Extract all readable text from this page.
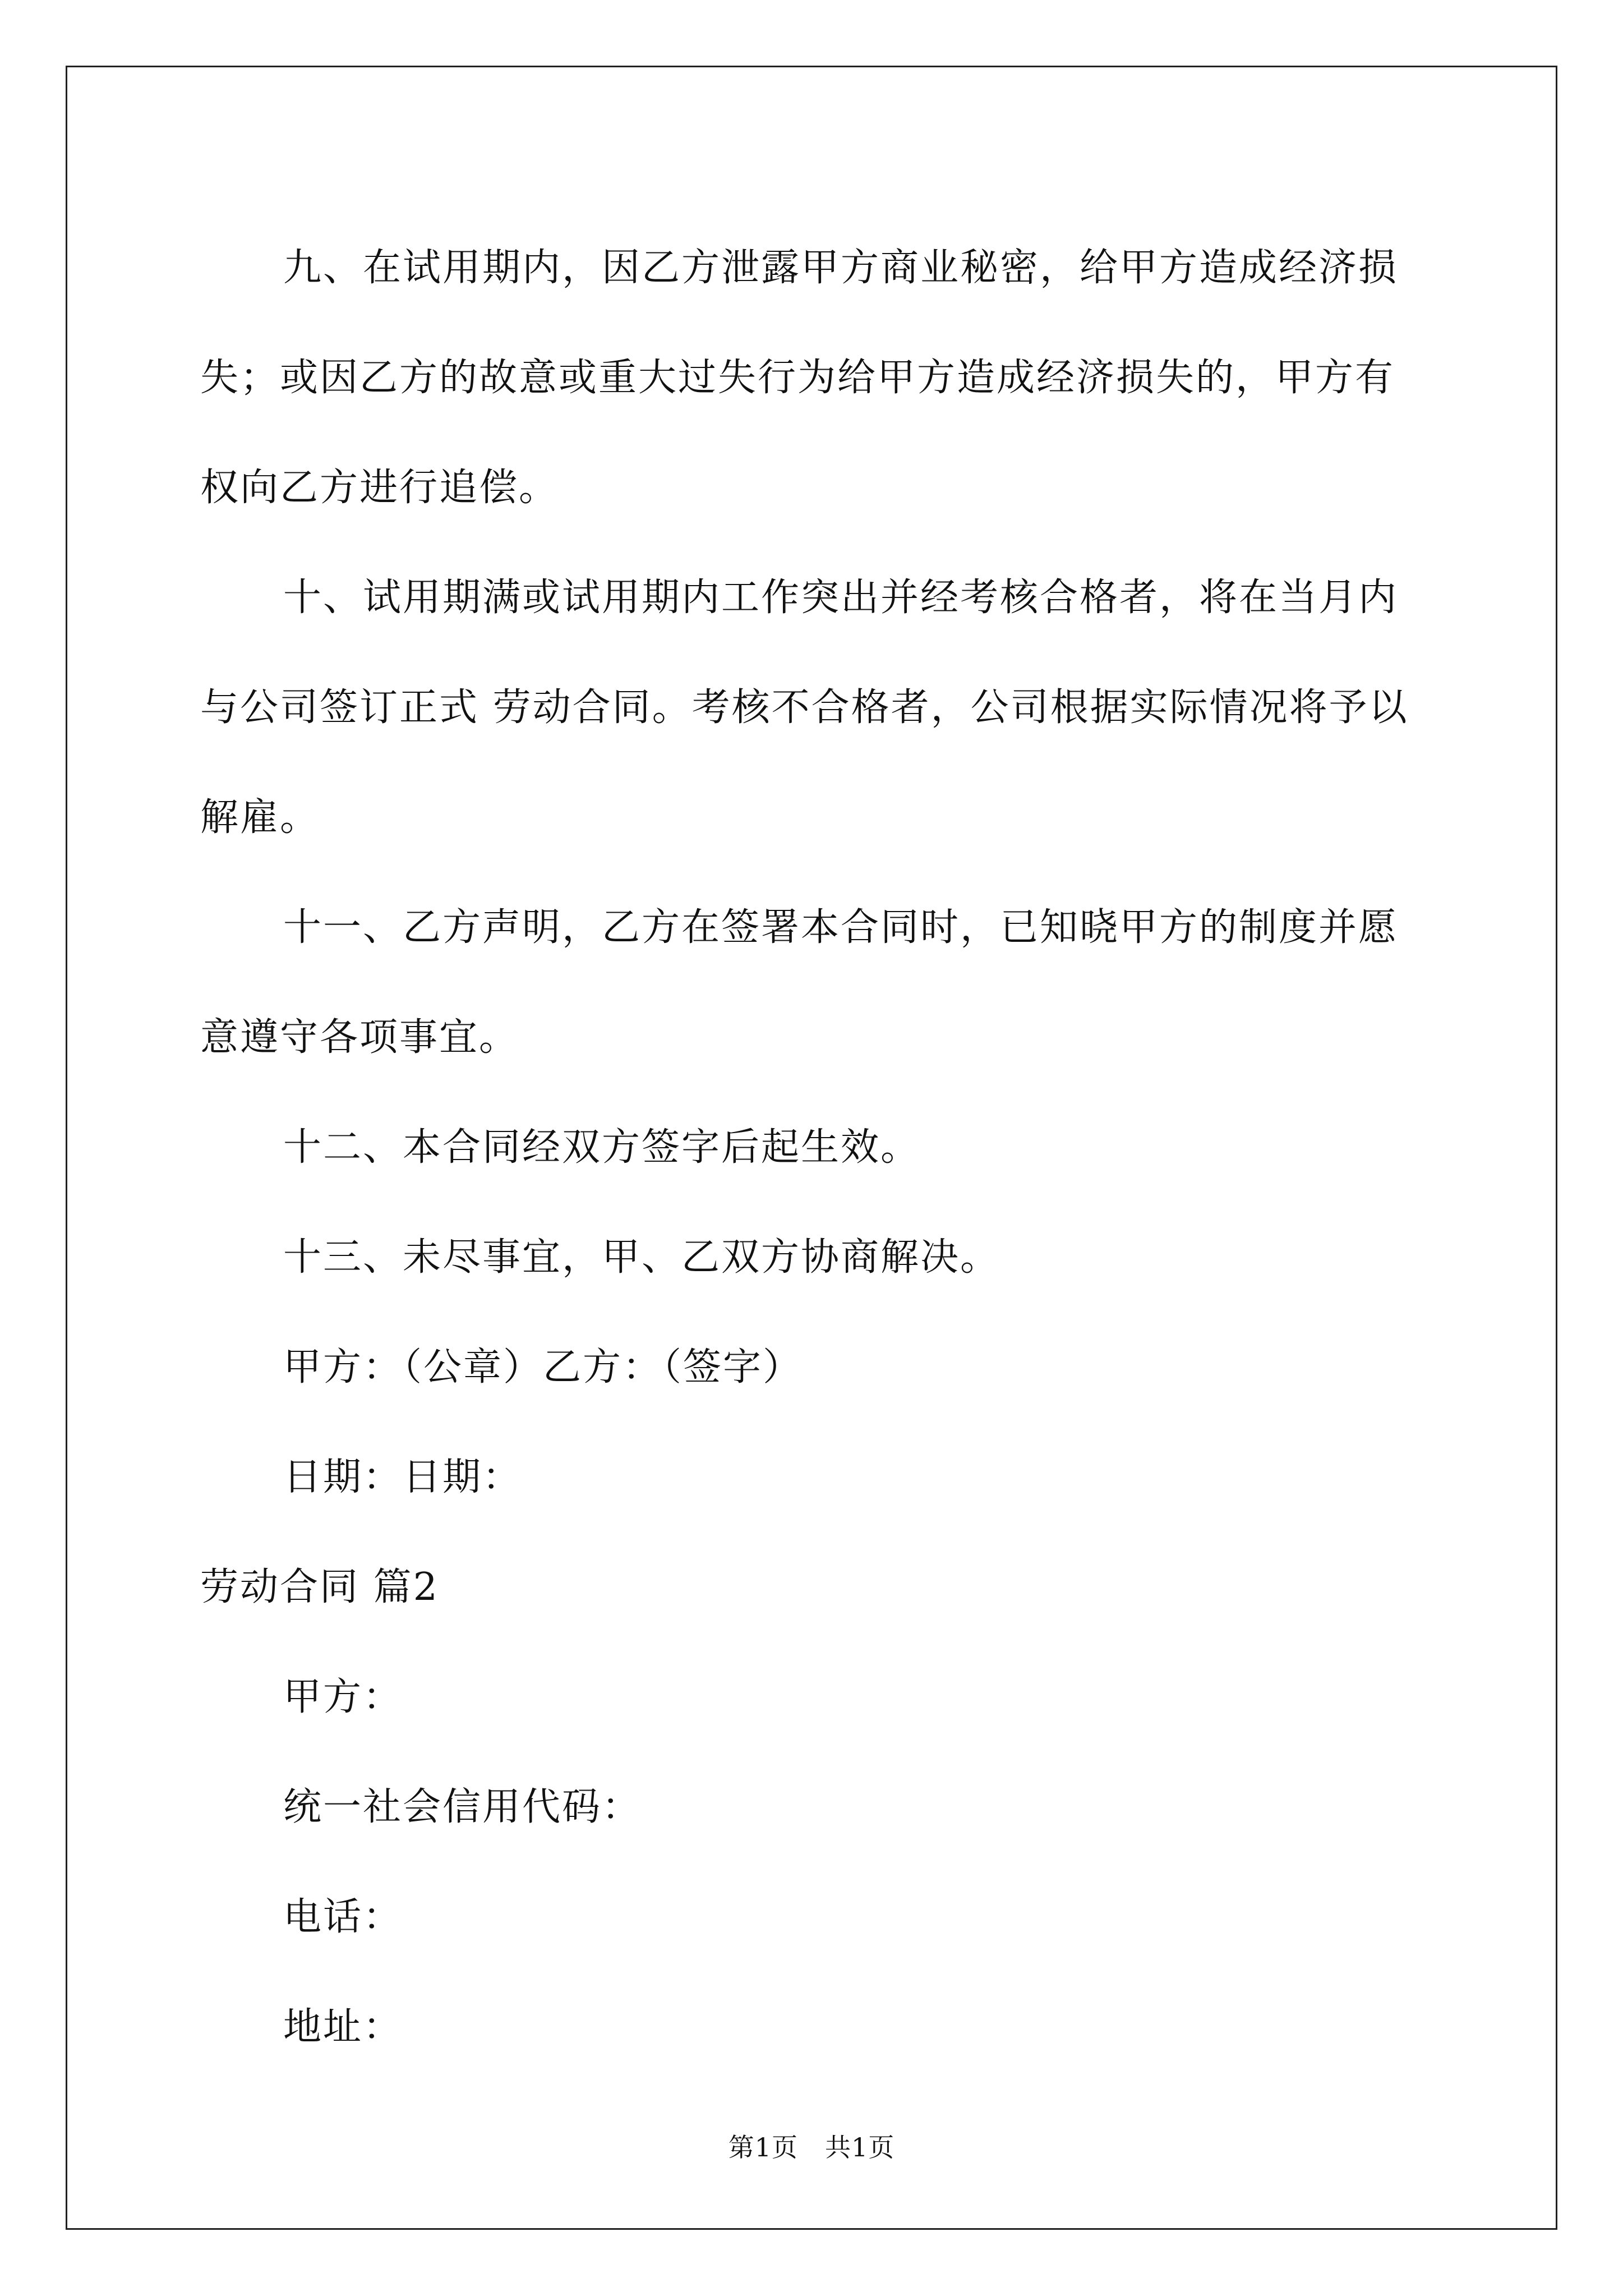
九、在试用期内，因乙方泄露甲方商业秘密，给甲方造成经济损
失；或因乙方的故意或重大过失行为给甲方造成经济损失的，甲方有
权向乙方进行追偿。

十、试用期满或试用期内工作突出并经考核合格者，将在当月内
与公司签订正式 劳动合同。考核不合格者，公司根据实际情况将予以
解雇。

十一、乙方声明，乙方在签署本合同时，已知晓甲方的制度并愿
意遵守各项事宜。

十二、本合同经双方签字后起生效。

十三、未尽事宜，甲、乙双方协商解决。

甲方：（公章）乙方：（签字）

日期：日期：

劳动合同 篇2

甲方：

统一社会信用代码：

电话：

地址：

第1页 共1页
